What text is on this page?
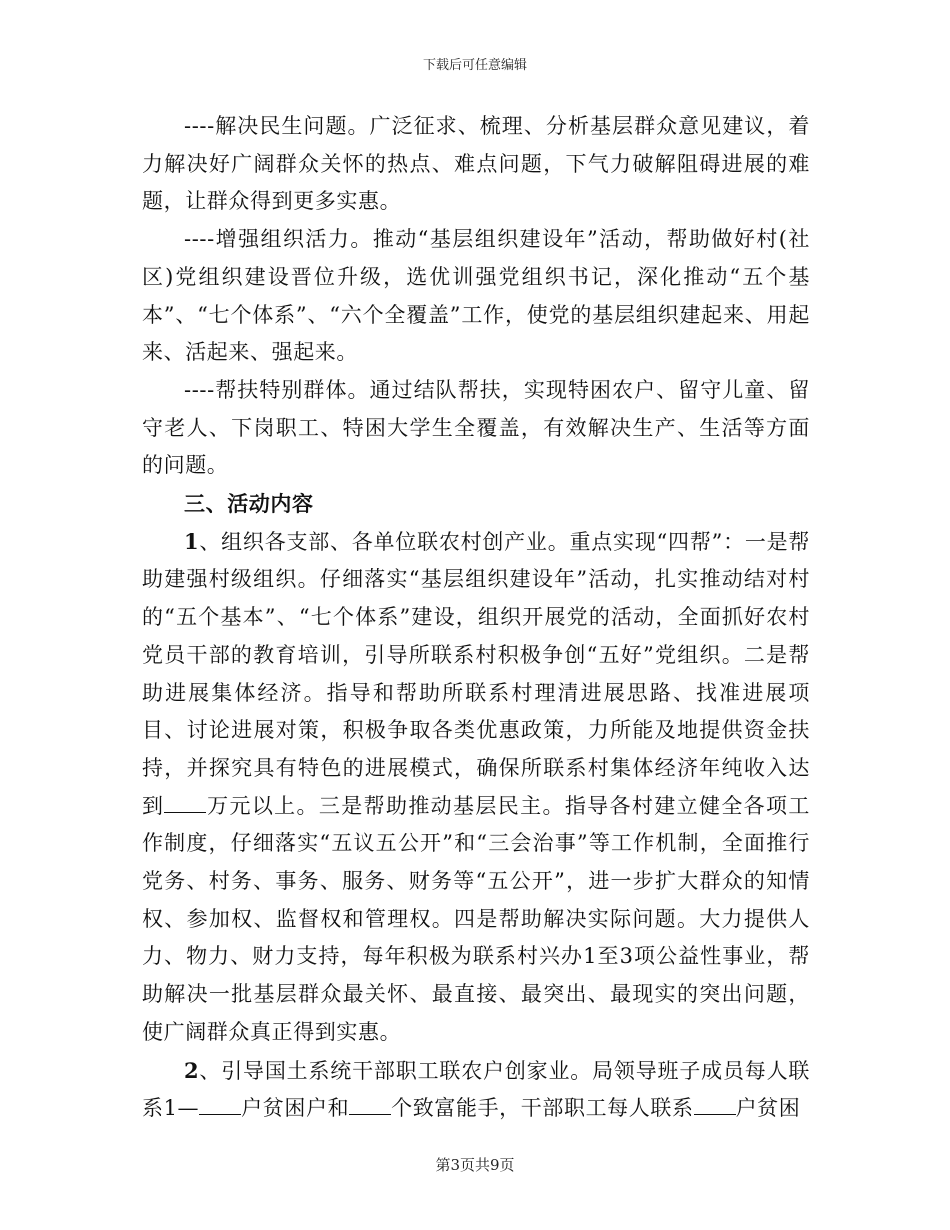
下载后可任意编辑

----解决民生问题。广泛征求、梳理、分析基层群众意见建议，着力解决好广阔群众关怀的热点、难点问题，下气力破解阻碍进展的难题，让群众得到更多实惠。

----增强组织活力。推动“基层组织建设年”活动，帮助做好村(社区)党组织建设晋位升级，选优训强党组织书记，深化推动“五个基本”、“七个体系”、“六个全覆盖”工作，使党的基层组织建起来、用起来、活起来、强起来。

----帮扶特别群体。通过结队帮扶，实现特困农户、留守儿童、留守老人、下岗职工、特困大学生全覆盖，有效解决生产、生活等方面的问题。

三、活动内容

1、组织各支部、各单位联农村创产业。重点实现“四帮”：一是帮助建强村级组织。仔细落实“基层组织建设年”活动，扎实推动结对村的“五个基本”、“七个体系”建设，组织开展党的活动，全面抓好农村党员干部的教育培训，引导所联系村积极争创“五好”党组织。二是帮助进展集体经济。指导和帮助所联系村理清进展思路、找准进展项目、讨论进展对策，积极争取各类优惠政策，力所能及地提供资金扶持，并探究具有特色的进展模式，确保所联系村集体经济年纯收入达到 万元以上。三是帮助推动基层民主。指导各村建立健全各项工作制度，仔细落实“五议五公开”和“三会治事”等工作机制，全面推行党务、村务、事务、服务、财务等“五公开”，进一步扩大群众的知情权、参加权、监督权和管理权。四是帮助解决实际问题。大力提供人力、物力、财力支持，每年积极为联系村兴办1至3项公益性事业，帮助解决一批基层群众最关怀、最直接、最突出、最现实的突出问题，使广阔群众真正得到实惠。

2、引导国土系统干部职工联农户创家业。局领导班子成员每人联系1— 户贫困户和 个致富能手，干部职工每人联系 户贫困

第3页共9页
